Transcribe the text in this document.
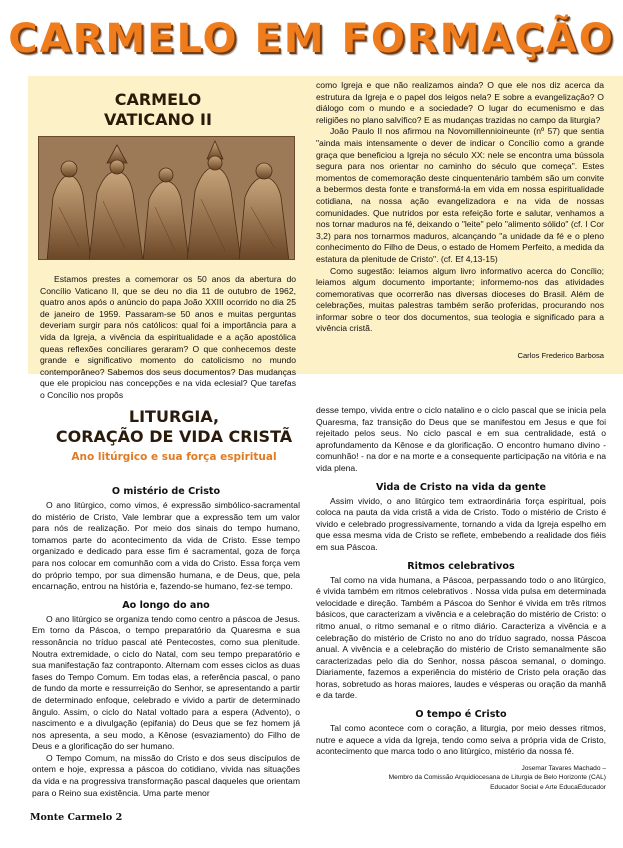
CARMELO EM FORMAÇÃO
CARMELO
VATICANO II

Estamos prestes a comemorar os 50 anos da abertura do Concílio Vaticano II, que se deu no dia 11 de outubro de 1962, quatro anos após o anúncio do papa João XXIII ocorrido no dia 25 de janeiro de 1959. Passaram-se 50 anos e muitas perguntas deveriam surgir para nós católicos: qual foi a importância para a vida da Igreja, a vivência da espiritualidade e a ação apostólica queas reflexões conciliares geraram? O que conhecemos deste grande e significativo momento do catolicismo no mundo contemporâneo? Sabemos dos seus documentos? Das mudanças que ele propiciou nas concepções e na vida eclesial? Que tarefas o Concílio nos propôs

como Igreja e que não realizamos ainda? O que ele nos diz acerca da estrutura da Igreja e o papel dos leigos nela? E sobre a evangelização? O diálogo com o mundo e a sociedade? O lugar do ecumenismo e das religiões no plano salvífico? E as mudanças trazidas no campo da liturgia?

João Paulo II nos afirmou na Novomillennioineunte (nº 57) que sentia "ainda mais intensamente o dever de indicar o Concílio como a grande graça que beneficiou a Igreja no século XX: nele se encontra uma bússola segura para nos orientar no caminho do século que começa". Estes momentos de comemoração deste cinquentenário também são um convite a bebermos desta fonte e transformá-la em vida em nossa espiritualidade cotidiana, na nossa ação evangelizadora e na vida de nossas comunidades. Que nutridos por esta refeição forte e salutar, venhamos a nos tornar maduros na fé, deixando o "leite" pelo "alimento sólido" (cf. I Cor 3,2) para nos tornarmos maduros, alcançando "a unidade da fé e o pleno conhecimento do Filho de Deus, o estado de Homem Perfeito, a medida da estatura da plenitude de Cristo". (cf. Ef 4,13-15)

Como sugestão: leiamos algum livro informativo acerca do Concílio; leiamos algum documento importante; informemo-nos das atividades comemorativas que ocorrerão nas diversas dioceses do Brasil. Além de celebrações, muitas palestras também serão proferidas, procurando nos informar sobre o teor dos documentos, sua teologia e significado para a vivência cristã.

Carlos Frederico Barbosa
LITURGIA,
CORAÇÃO DE VIDA CRISTÃ
Ano litúrgico e sua força espiritual
O mistério de Cristo

O ano litúrgico, como vimos, é expressão simbólico-sacramental do mistério de Cristo, Vale lembrar que a expressão tem um valor para nós de realização. Por meio dos sinais do tempo humano, tomamos parte do acontecimento da vida de Cristo. Esse tempo organizado e dedicado para esse fim é sacramental, goza de força para nos colocar em comunhão com a vida do Cristo. Essa força vem do próprio tempo, por sua dimensão humana, e de Deus, que, pela encarnação, entrou na história e, fazendo-se humano, fez-se tempo.

Ao longo do ano

O ano litúrgico se organiza tendo como centro a páscoa de Jesus. Em torno da Páscoa, o tempo preparatório da Quaresma e sua ressonância no tríduo pascal até Pentecostes, como sua plenitude. Noutra extremidade, o ciclo do Natal, com seu tempo preparatório e sua manifestação faz contraponto. Alternam com esses ciclos as duas fases do Tempo Comum. Em todas elas, a referência pascal, o pano de fundo da morte e ressurreição do Senhor, se apresentando a partir de determinado enfoque, celebrado e vivido a partir de determinado ângulo. Assim, o ciclo do Natal voltado para a espera (Advento), o nascimento e a divulgação (epifania) do Deus que se fez homem já nos apresenta, a seu modo, a Kênose (esvaziamento) do Filho de Deus e a glorificação do ser humano.

O Tempo Comum, na missão do Cristo e dos seus discípulos de ontem e hoje, expressa a páscoa do cotidiano, vivida nas situações da vida e na progressiva transformação pascal daqueles que orientam para o Reino sua existência. Uma parte menor

desse tempo, vivida entre o ciclo natalino e o ciclo pascal que se inicia pela Quaresma, faz transição do Deus que se manifestou em Jesus e que foi rejeitado pelos seus. No ciclo pascal e em sua centralidade, está o aprofundamento da Kênose e da glorificação. O encontro humano divino - comunhão! - na dor e na morte e a consequente participação na vitória e na vida plena.

Vida de Cristo na vida da gente

Assim vivido, o ano litúrgico tem extraordinária força espiritual, pois coloca na pauta da vida cristã a vida de Cristo. Todo o mistério de Cristo é vivido e celebrado progressivamente, tornando a vida da Igreja espelho em que essa mesma vida de Cristo se reflete, embebendo a realidade dos fiéis em sua Páscoa.

Ritmos celebrativos

Tal como na vida humana, a Páscoa, perpassando todo o ano litúrgico, é vivida também em ritmos celebrativos . Nossa vida pulsa em determinada velocidade e direção. Também a Páscoa do Senhor é vivida em três ritmos básicos, que caracterizam a vivência e a celebração do mistério de Cristo: o ritmo anual, o ritmo semanal e o ritmo diário. Caracteriza a vivência e a celebração do mistério de Cristo no ano do tríduo sagrado, nossa Páscoa anual. A vivência e a celebração do mistério de Cristo semanalmente são caracterizadas pelo dia do Senhor, nossa páscoa semanal, o domingo. Diariamente, fazemos a experiência do mistério de Cristo pela oração das horas, sobretudo as horas maiores, laudes e vésperas ou oração da manhã e da tarde.

O tempo é Cristo

Tal como acontece com o coração, a liturgia, por meio desses ritmos, nutre e aquece a vida da Igreja, tendo como seiva a própria vida de Cristo, acontecimento que marca todo o ano litúrgico, mistério da nossa fé.

Josemar Tavares Machado –
Membro da Comissão Arquidiocesana de Liturgia de Belo Horizonte (CAL)
Educador Social e Arte EducaEducador
Monte Carmelo 2
